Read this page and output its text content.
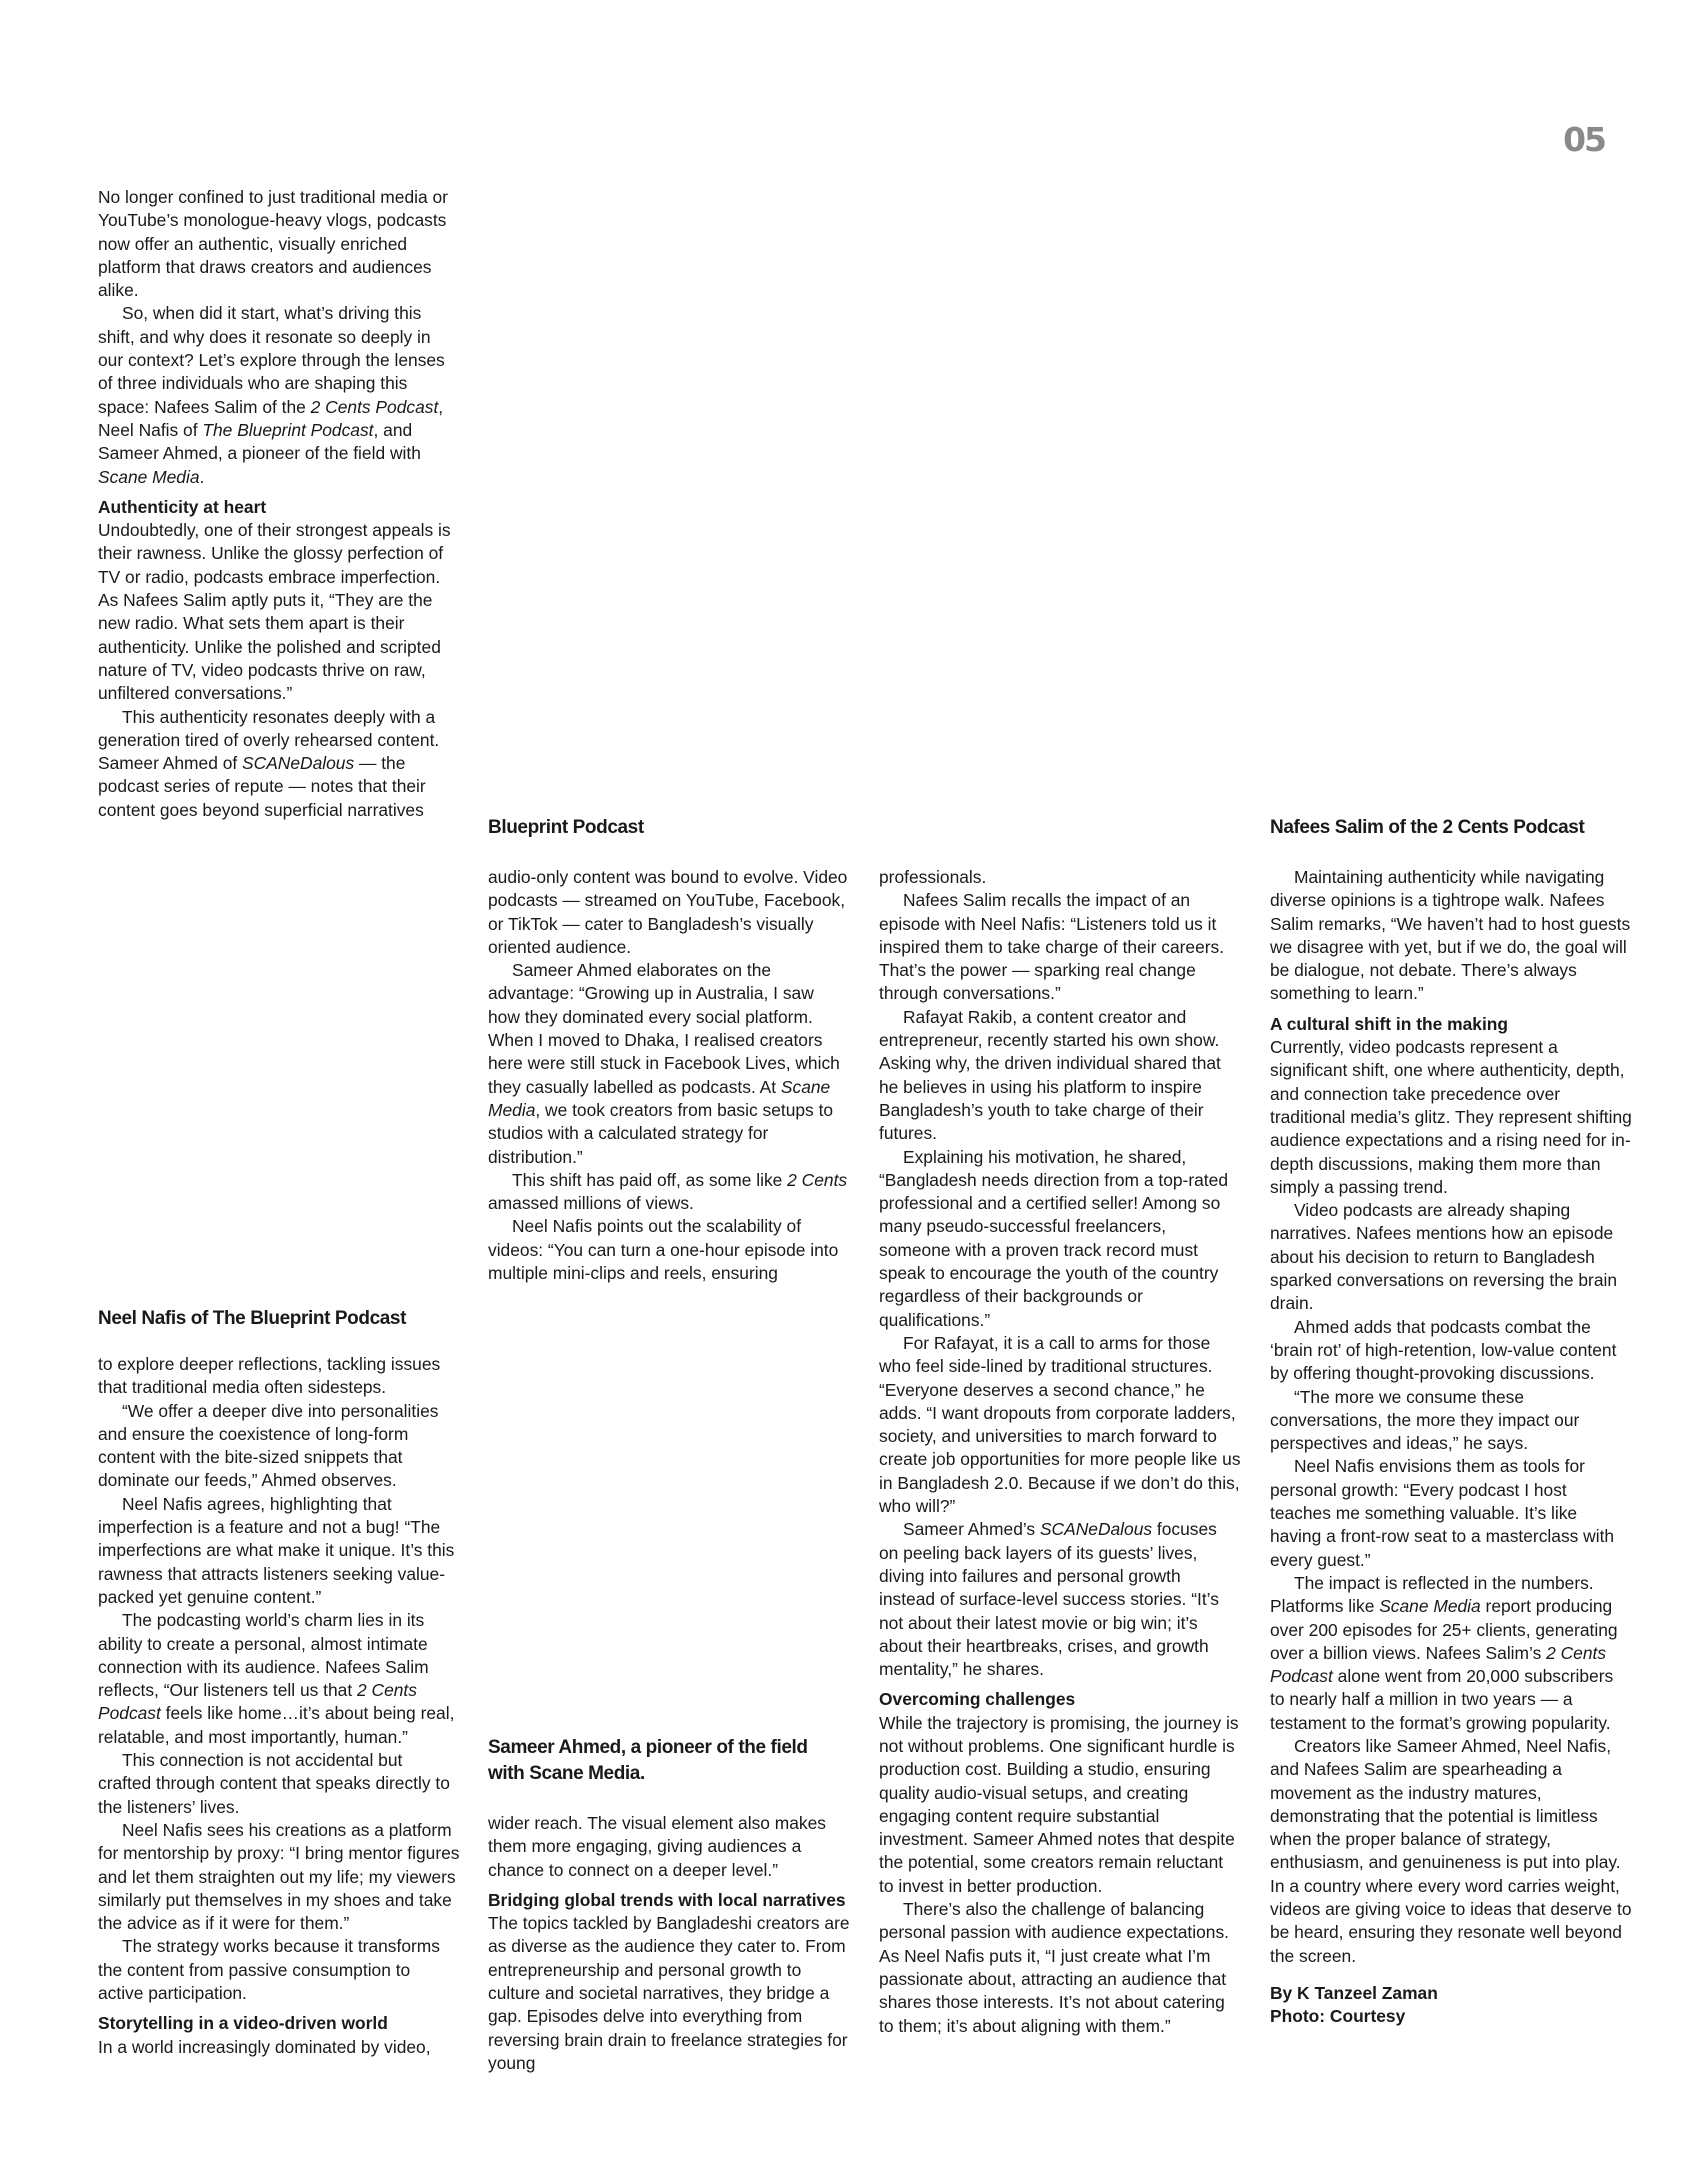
05

No longer confined to just traditional media or YouTube’s monologue-heavy vlogs, podcasts now offer an authentic, visually enriched platform that draws creators and audiences alike.

So, when did it start, what’s driving this shift, and why does it resonate so deeply in our context? Let’s explore through the lenses of three individuals who are shaping this space: Nafees Salim of the 2 Cents Podcast, Neel Nafis of The Blueprint Podcast, and Sameer Ahmed, a pioneer of the field with Scane Media.

Authenticity at heart

Undoubtedly, one of their strongest appeals is their rawness. Unlike the glossy perfection of TV or radio, podcasts embrace imperfection. As Nafees Salim aptly puts it, “They are the new radio. What sets them apart is their authenticity. Unlike the polished and scripted nature of TV, video podcasts thrive on raw, unfiltered conversations.”

This authenticity resonates deeply with a generation tired of overly rehearsed content. Sameer Ahmed of SCANeDalous — the podcast series of repute — notes that their content goes beyond superficial narratives

Blueprint Podcast	Nafees Salim of the 2 Cents Podcast
Neel Nafis of The Blueprint Podcast
Sameer Ahmed, a pioneer of the field with Scane Media.

to explore deeper reflections, tackling issues that traditional media often sidesteps.

“We offer a deeper dive into personalities and ensure the coexistence of long-form content with the bite-sized snippets that dominate our feeds,” Ahmed observes.

Neel Nafis agrees, highlighting that imperfection is a feature and not a bug! “The imperfections are what make it unique. It’s this rawness that attracts listeners seeking value-packed yet genuine content.”

The podcasting world’s charm lies in its ability to create a personal, almost intimate connection with its audience. Nafees Salim reflects, “Our listeners tell us that 2 Cents Podcast feels like home…it’s about being real, relatable, and most importantly, human.”

This connection is not accidental but crafted through content that speaks directly to the listeners’ lives.

Neel Nafis sees his creations as a platform for mentorship by proxy: “I bring mentor figures and let them straighten out my life; my viewers similarly put themselves in my shoes and take the advice as if it were for them.”

The strategy works because it transforms the content from passive consumption to active participation.

Storytelling in a video-driven world

In a world increasingly dominated by video,

audio-only content was bound to evolve. Video podcasts — streamed on YouTube, Facebook, or TikTok — cater to Bangladesh’s visually oriented audience.

Sameer Ahmed elaborates on the advantage: “Growing up in Australia, I saw how they dominated every social platform. When I moved to Dhaka, I realised creators here were still stuck in Facebook Lives, which they casually labelled as podcasts. At Scane Media, we took creators from basic setups to studios with a calculated strategy for distribution.”

This shift has paid off, as some like 2 Cents amassed millions of views.

Neel Nafis points out the scalability of videos: “You can turn a one-hour episode into multiple mini-clips and reels, ensuring

wider reach. The visual element also makes them more engaging, giving audiences a chance to connect on a deeper level.”

Bridging global trends with local narratives

The topics tackled by Bangladeshi creators are as diverse as the audience they cater to. From entrepreneurship and personal growth to culture and societal narratives, they bridge a gap. Episodes delve into everything from reversing brain drain to freelance strategies for young

professionals.

Nafees Salim recalls the impact of an episode with Neel Nafis: “Listeners told us it inspired them to take charge of their careers. That’s the power — sparking real change through conversations.”

Rafayat Rakib, a content creator and entrepreneur, recently started his own show. Asking why, the driven individual shared that he believes in using his platform to inspire Bangladesh’s youth to take charge of their futures.

Explaining his motivation, he shared, “Bangladesh needs direction from a top-rated professional and a certified seller! Among so many pseudo-successful freelancers, someone with a proven track record must speak to encourage the youth of the country regardless of their backgrounds or qualifications.”

For Rafayat, it is a call to arms for those who feel side-lined by traditional structures. “Everyone deserves a second chance,” he adds. “I want dropouts from corporate ladders, society, and universities to march forward to create job opportunities for more people like us in Bangladesh 2.0. Because if we don’t do this, who will?”

Sameer Ahmed’s SCANeDalous focuses on peeling back layers of its guests’ lives, diving into failures and personal growth instead of surface-level success stories. “It’s not about their latest movie or big win; it’s about their heartbreaks, crises, and growth mentality,” he shares.

Overcoming challenges

While the trajectory is promising, the journey is not without problems. One significant hurdle is production cost. Building a studio, ensuring quality audio-visual setups, and creating engaging content require substantial investment. Sameer Ahmed notes that despite the potential, some creators remain reluctant to invest in better production.

There’s also the challenge of balancing personal passion with audience expectations. As Neel Nafis puts it, “I just create what I’m passionate about, attracting an audience that shares those interests. It’s not about catering to them; it’s about aligning with them.”

Maintaining authenticity while navigating diverse opinions is a tightrope walk. Nafees Salim remarks, “We haven’t had to host guests we disagree with yet, but if we do, the goal will be dialogue, not debate. There’s always something to learn.”

A cultural shift in the making

Currently, video podcasts represent a significant shift, one where authenticity, depth, and connection take precedence over traditional media’s glitz. They represent shifting audience expectations and a rising need for in-depth discussions, making them more than simply a passing trend.

Video podcasts are already shaping narratives. Nafees mentions how an episode about his decision to return to Bangladesh sparked conversations on reversing the brain drain.

Ahmed adds that podcasts combat the ‘brain rot’ of high-retention, low-value content by offering thought-provoking discussions.

“The more we consume these conversations, the more they impact our perspectives and ideas,” he says.

Neel Nafis envisions them as tools for personal growth: “Every podcast I host teaches me something valuable. It’s like having a front-row seat to a masterclass with every guest.”

The impact is reflected in the numbers. Platforms like Scane Media report producing over 200 episodes for 25+ clients, generating over a billion views. Nafees Salim’s 2 Cents Podcast alone went from 20,000 subscribers to nearly half a million in two years — a testament to the format’s growing popularity.

Creators like Sameer Ahmed, Neel Nafis, and Nafees Salim are spearheading a movement as the industry matures, demonstrating that the potential is limitless when the proper balance of strategy, enthusiasm, and genuineness is put into play. In a country where every word carries weight, videos are giving voice to ideas that deserve to be heard, ensuring they resonate well beyond the screen.

By K Tanzeel Zaman
Photo: Courtesy
